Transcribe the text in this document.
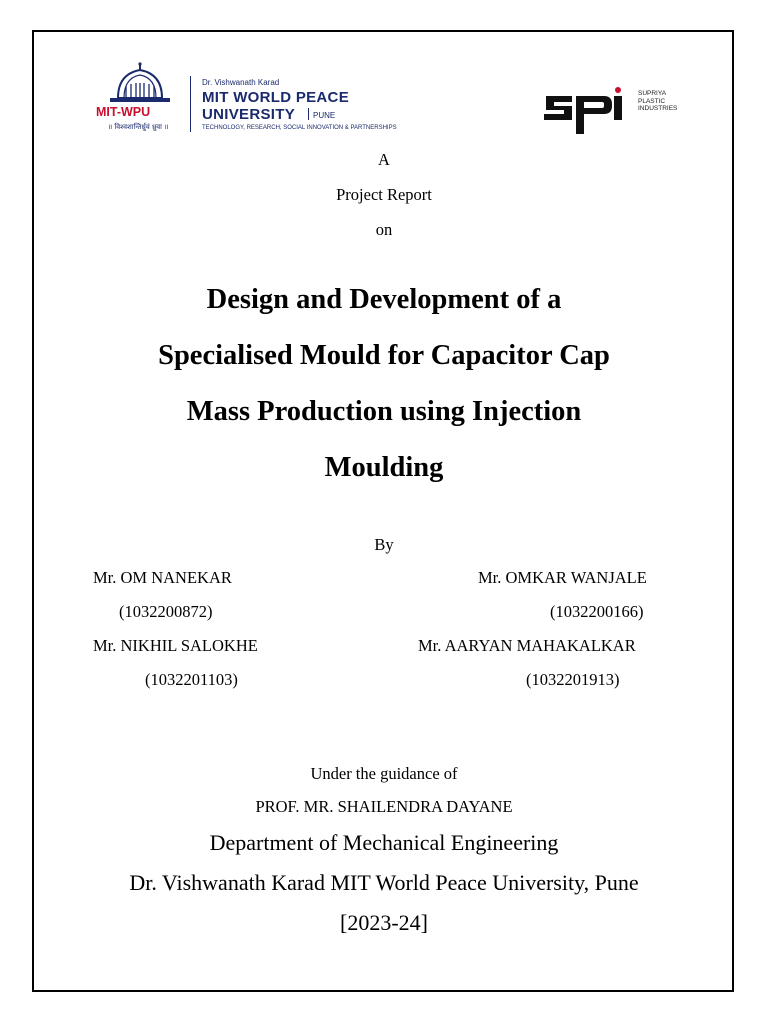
MIT-WPU
॥ विश्वशान्तिर्ध्रुवं ध्रुवा ॥
Dr. Vishwanath Karad
MIT WORLD PEACE
UNIVERSITY PUNE
TECHNOLOGY, RESEARCH, SOCIAL INNOVATION & PARTNERSHIPS
SUPRIYA
PLASTIC
INDUSTRIES
A
Project Report
on
Design and Development of a
Specialised Mould for Capacitor Cap
Mass Production using Injection
Moulding
By
Mr. OM NANEKAR
(1032200872)
Mr. OMKAR WANJALE
(1032200166)
Mr. NIKHIL SALOKHE
(1032201103)
Mr. AARYAN MAHAKALKAR
(1032201913)
Under the guidance of
PROF. MR. SHAILENDRA DAYANE
Department of Mechanical Engineering
Dr. Vishwanath Karad MIT World Peace University, Pune
[2023-24]
